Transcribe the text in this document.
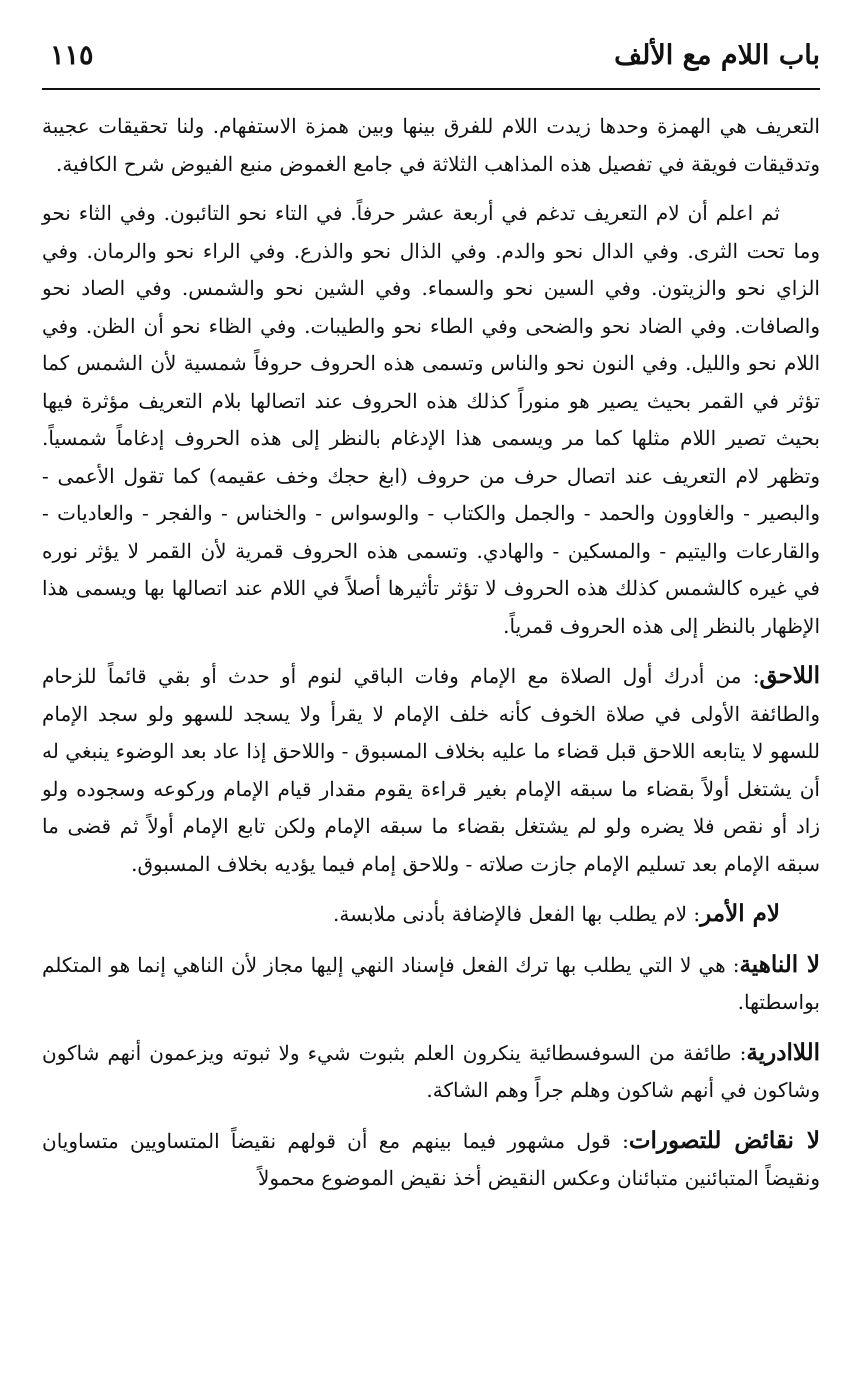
باب اللام مع الألف
١١٥

التعريف هي الهمزة وحدها زيدت اللام للفرق بينها وبين همزة الاستفهام. ولنا تحقيقات عجيبة وتدقيقات فويقة في تفصيل هذه المذاهب الثلاثة في جامع الغموض منبع الفيوض شرح الكافية.

ثم اعلم أن لام التعريف تدغم في أربعة عشر حرفاً. في التاء نحو التائبون. وفي الثاء نحو وما تحت الثرى. وفي الدال نحو والدم. وفي الذال نحو والذرع. وفي الراء نحو والرمان. وفي الزاي نحو والزيتون. وفي السين نحو والسماء. وفي الشين نحو والشمس. وفي الصاد نحو والصافات. وفي الضاد نحو والضحى وفي الطاء نحو والطيبات. وفي الظاء نحو أن الظن. وفي اللام نحو والليل. وفي النون نحو والناس وتسمى هذه الحروف حروفاً شمسية لأن الشمس كما تؤثر في القمر بحيث يصير هو منوراً كذلك هذه الحروف عند اتصالها بلام التعريف مؤثرة فيها بحيث تصير اللام مثلها كما مر ويسمى هذا الإدغام بالنظر إلى هذه الحروف إدغاماً شمسياً. وتظهر لام التعريف عند اتصال حرف من حروف (ابغ حجك وخف عقيمه) كما تقول الأعمى - والبصير - والغاوون والحمد - والجمل والكتاب - والوسواس - والخناس - والفجر - والعاديات - والقارعات واليتيم - والمسكين - والهادي. وتسمى هذه الحروف قمرية لأن القمر لا يؤثر نوره في غيره كالشمس كذلك هذه الحروف لا تؤثر تأثيرها أصلاً في اللام عند اتصالها بها ويسمى هذا الإظهار بالنظر إلى هذه الحروف قمرياً.

اللاحق: من أدرك أول الصلاة مع الإمام وفات الباقي لنوم أو حدث أو بقي قائماً للزحام والطائفة الأولى في صلاة الخوف كأنه خلف الإمام لا يقرأ ولا يسجد للسهو ولو سجد الإمام للسهو لا يتابعه اللاحق قبل قضاء ما عليه بخلاف المسبوق - واللاحق إذا عاد بعد الوضوء ينبغي له أن يشتغل أولاً بقضاء ما سبقه الإمام بغير قراءة يقوم مقدار قيام الإمام وركوعه وسجوده ولو زاد أو نقص فلا يضره ولو لم يشتغل بقضاء ما سبقه الإمام ولكن تابع الإمام أولاً ثم قضى ما سبقه الإمام بعد تسليم الإمام جازت صلاته - وللاحق إمام فيما يؤديه بخلاف المسبوق.

لام الأمر: لام يطلب بها الفعل فالإضافة بأدنى ملابسة.

لا الناهية: هي لا التي يطلب بها ترك الفعل فإسناد النهي إليها مجاز لأن الناهي إنما هو المتكلم بواسطتها.

اللاادرية: طائفة من السوفسطائية ينكرون العلم بثبوت شيء ولا ثبوته ويزعمون أنهم شاكون وشاكون في أنهم شاكون وهلم جراً وهم الشاكة.

لا نقائض للتصورات: قول مشهور فيما بينهم مع أن قولهم نقيضاً المتساويين متساويان ونقيضاً المتبائنين متبائنان وعكس النقيض أخذ نقيض الموضوع محمولاً
